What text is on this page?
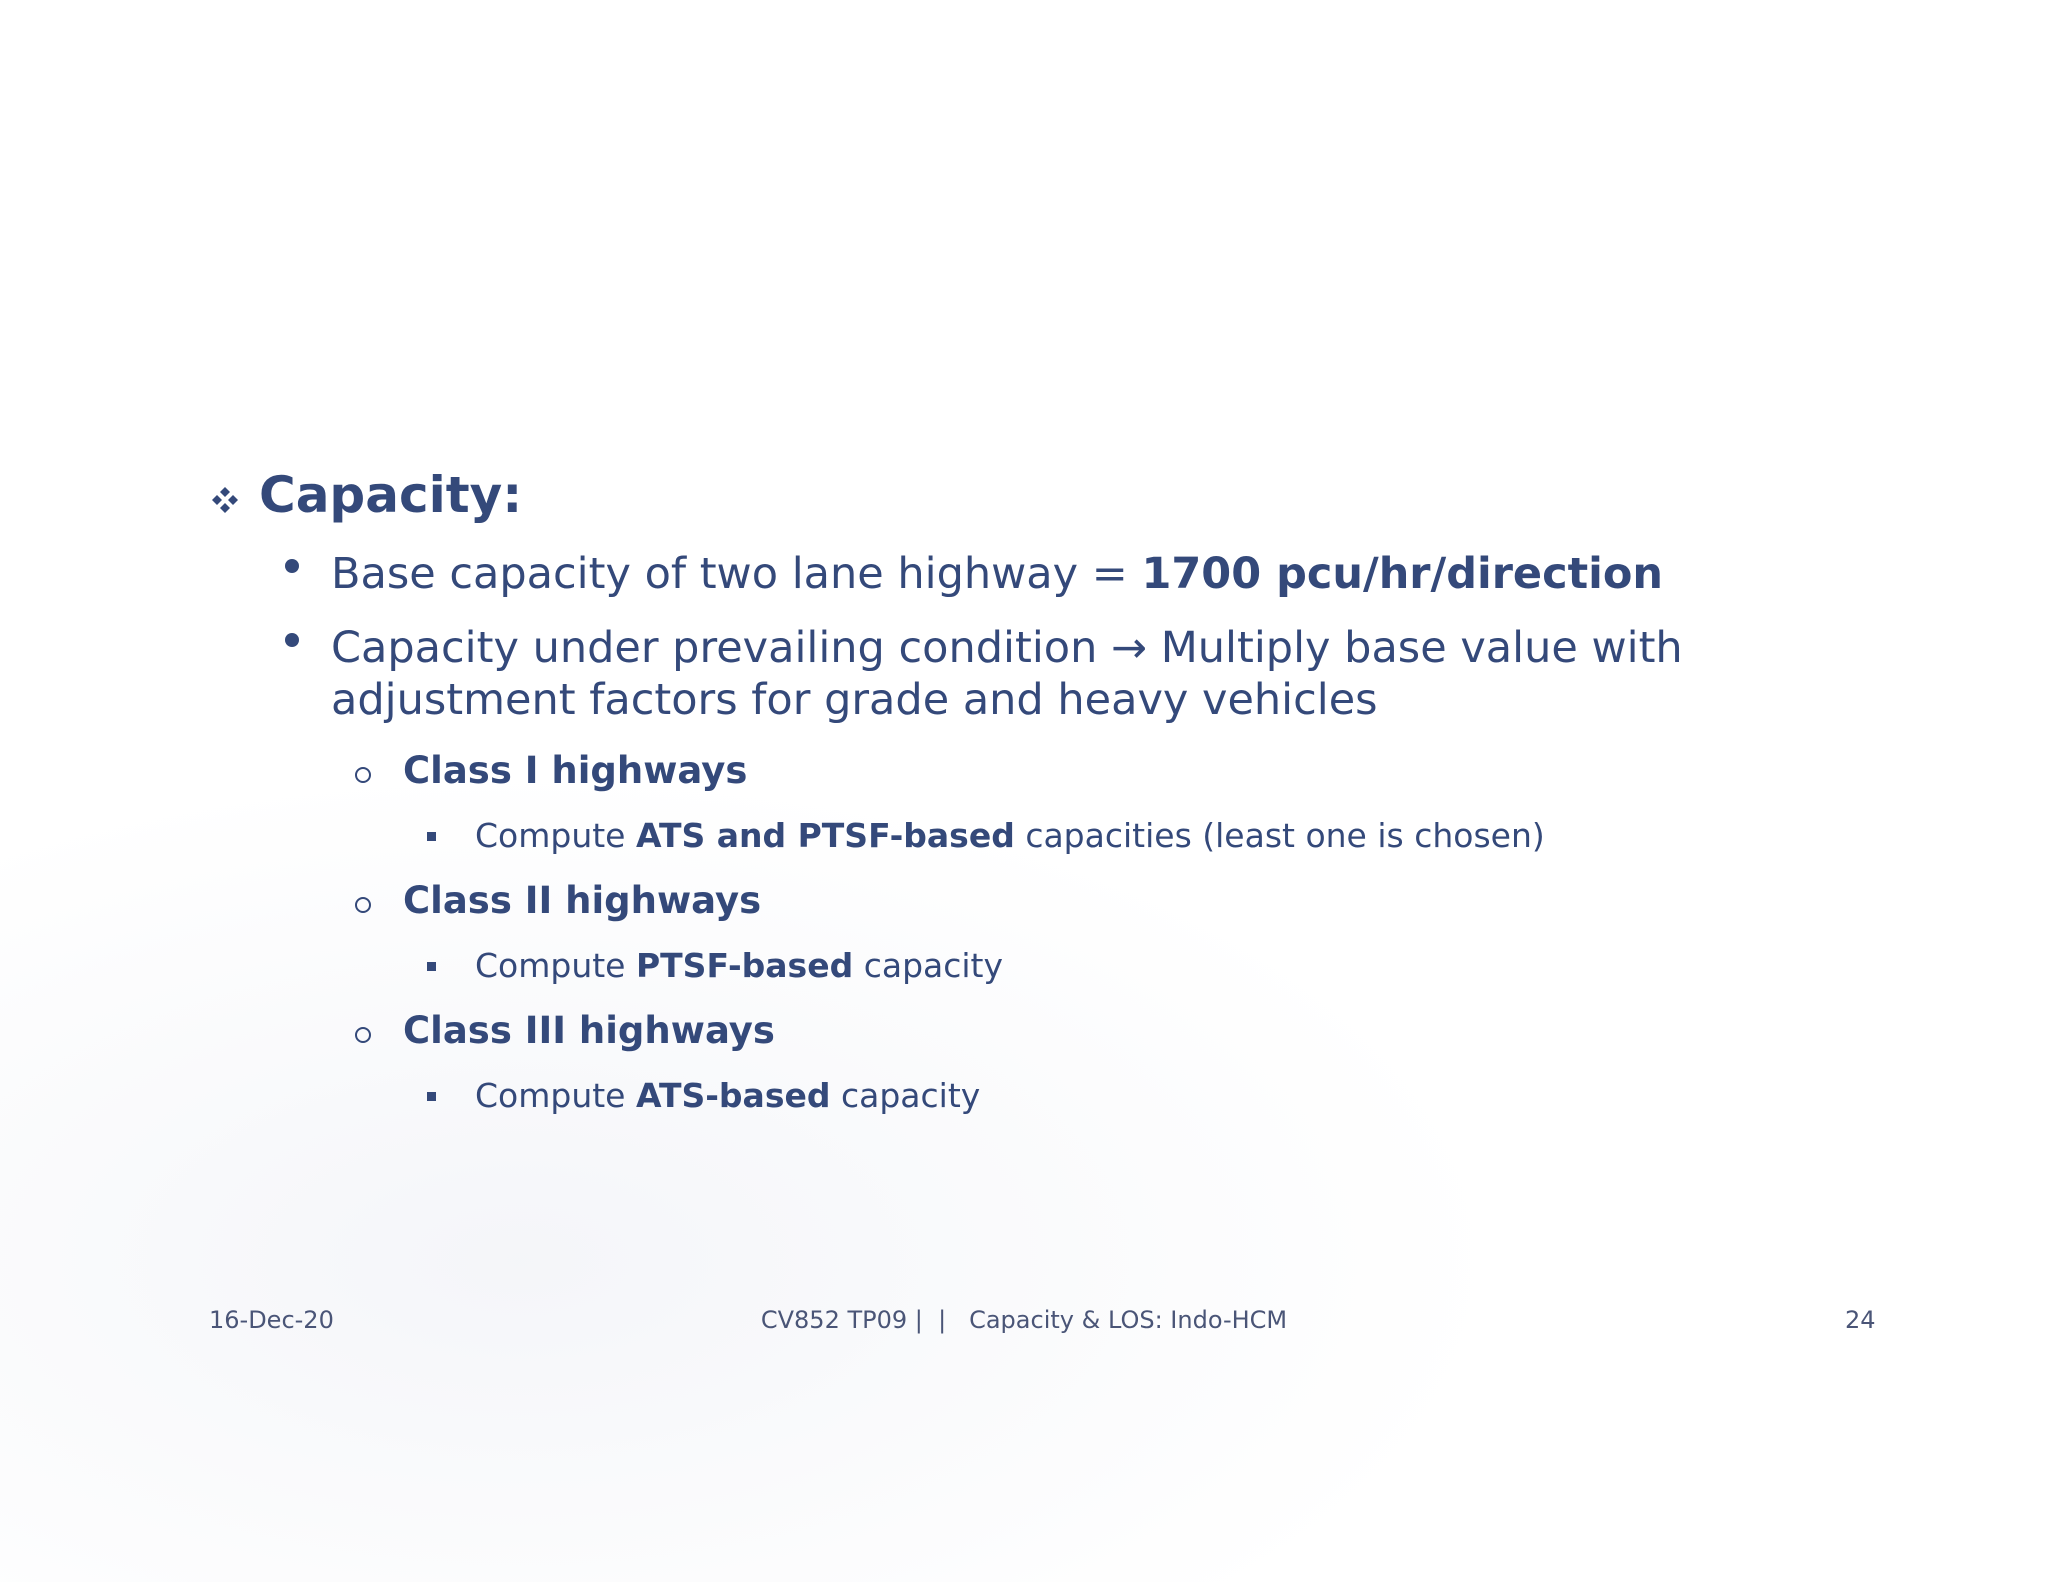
Capacity:
Base capacity of two lane highway = 1700 pcu/hr/direction
Capacity under prevailing condition → Multiply base value with
adjustment factors for grade and heavy vehicles
Class I highways
Compute ATS and PTSF-based capacities (least one is chosen)
Class II highways
Compute PTSF-based capacity
Class III highways
Compute ATS-based capacity
16-Dec-20	CV852 TP09 |  |   Capacity & LOS: Indo-HCM	24
